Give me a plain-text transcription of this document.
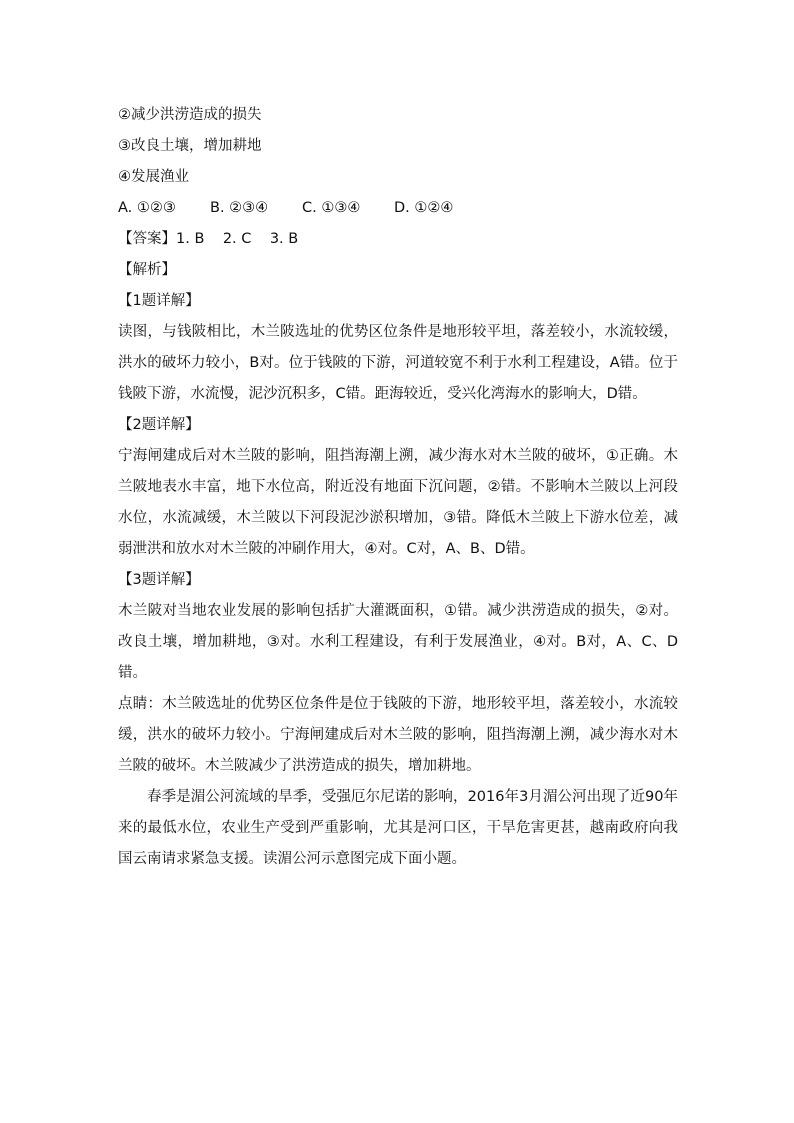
②减少洪涝造成的损失

③改良土壤，增加耕地

④发展渔业

A. ①②③	B. ②③④	C. ①③④	D. ①②④

【答案】1. B    2. C    3. B

【解析】

【1题详解】

读图，与钱陂相比，木兰陂选址的优势区位条件是地形较平坦，落差较小，水流较缓，洪水的破坏力较小，B对。位于钱陂的下游，河道较宽不利于水利工程建设，A错。位于钱陂下游，水流慢，泥沙沉积多，C错。距海较近，受兴化湾海水的影响大，D错。

【2题详解】

宁海闸建成后对木兰陂的影响，阻挡海潮上溯，减少海水对木兰陂的破坏，①正确。木兰陂地表水丰富，地下水位高，附近没有地面下沉问题，②错。不影响木兰陂以上河段水位，水流减缓，木兰陂以下河段泥沙淤积增加，③错。降低木兰陂上下游水位差，减弱泄洪和放水对木兰陂的冲刷作用大，④对。C对，A、B、D错。

【3题详解】

木兰陂对当地农业发展的影响包括扩大灌溉面积，①错。减少洪涝造成的损失，②对。改良土壤，增加耕地，③对。水利工程建设，有利于发展渔业，④对。B对，A、C、D错。

点睛：木兰陂选址的优势区位条件是位于钱陂的下游，地形较平坦，落差较小，水流较缓，洪水的破坏力较小。宁海闸建成后对木兰陂的影响，阻挡海潮上溯，减少海水对木兰陂的破坏。木兰陂减少了洪涝造成的损失，增加耕地。

春季是湄公河流域的旱季，受强厄尔尼诺的影响，2016年3月湄公河出现了近90年来的最低水位，农业生产受到严重影响，尤其是河口区，干旱危害更甚，越南政府向我国云南请求紧急支援。读湄公河示意图完成下面小题。
